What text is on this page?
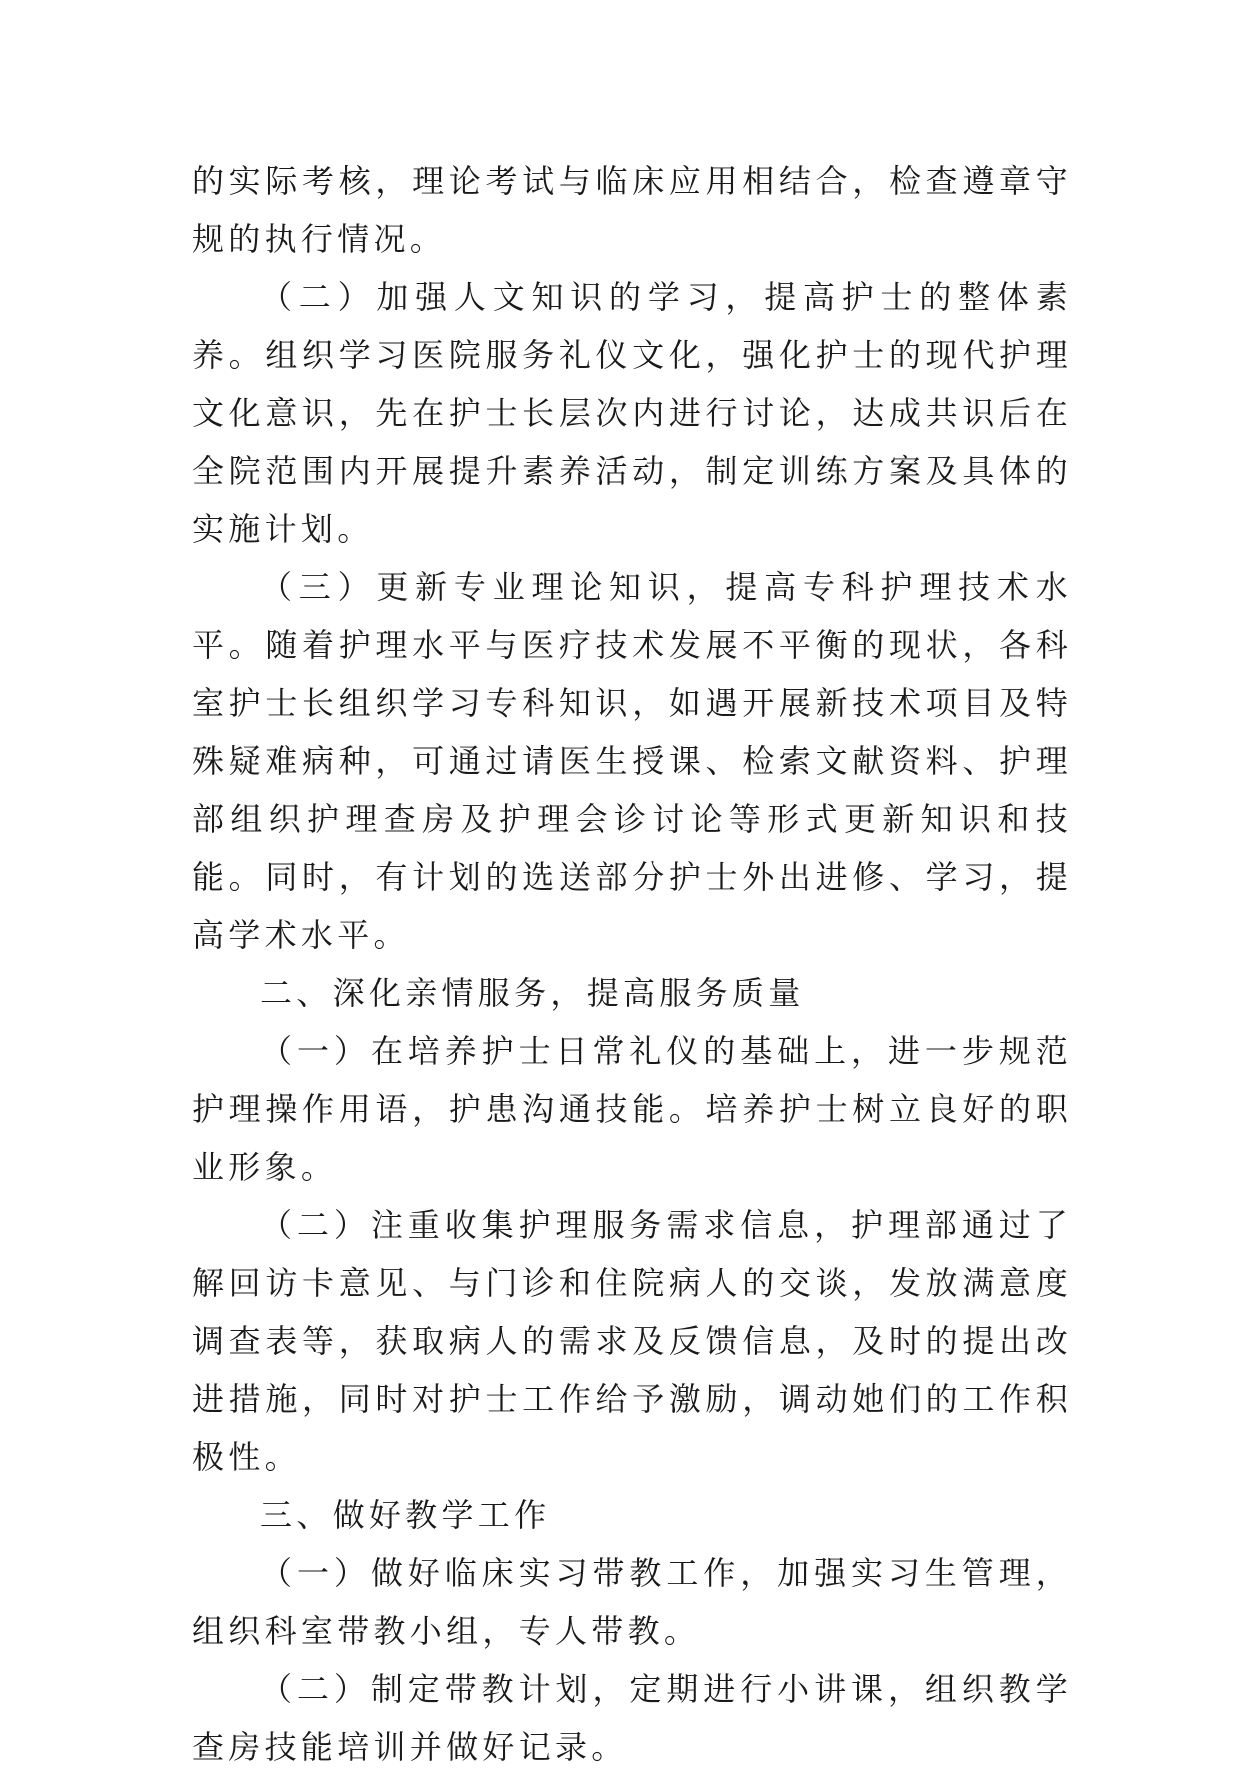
的实际考核，理论考试与临床应用相结合，检查遵章守规的执行情况。

（二）加强人文知识的学习，提高护士的整体素养。组织学习医院服务礼仪文化，强化护士的现代护理文化意识，先在护士长层次内进行讨论，达成共识后在全院范围内开展提升素养活动，制定训练方案及具体的实施计划。

（三）更新专业理论知识，提高专科护理技术水平。随着护理水平与医疗技术发展不平衡的现状，各科室护士长组织学习专科知识，如遇开展新技术项目及特殊疑难病种，可通过请医生授课、检索文献资料、护理部组织护理查房及护理会诊讨论等形式更新知识和技能。同时，有计划的选送部分护士外出进修、学习，提高学术水平。

二、深化亲情服务，提高服务质量

（一）在培养护士日常礼仪的基础上，进一步规范护理操作用语，护患沟通技能。培养护士树立良好的职业形象。

（二）注重收集护理服务需求信息，护理部通过了解回访卡意见、与门诊和住院病人的交谈，发放满意度调查表等，获取病人的需求及反馈信息，及时的提出改进措施，同时对护士工作给予激励，调动她们的工作积极性。

三、做好教学工作

（一）做好临床实习带教工作，加强实习生管理，组织科室带教小组，专人带教。

（二）制定带教计划，定期进行小讲课，组织教学查房技能培训并做好记录。
